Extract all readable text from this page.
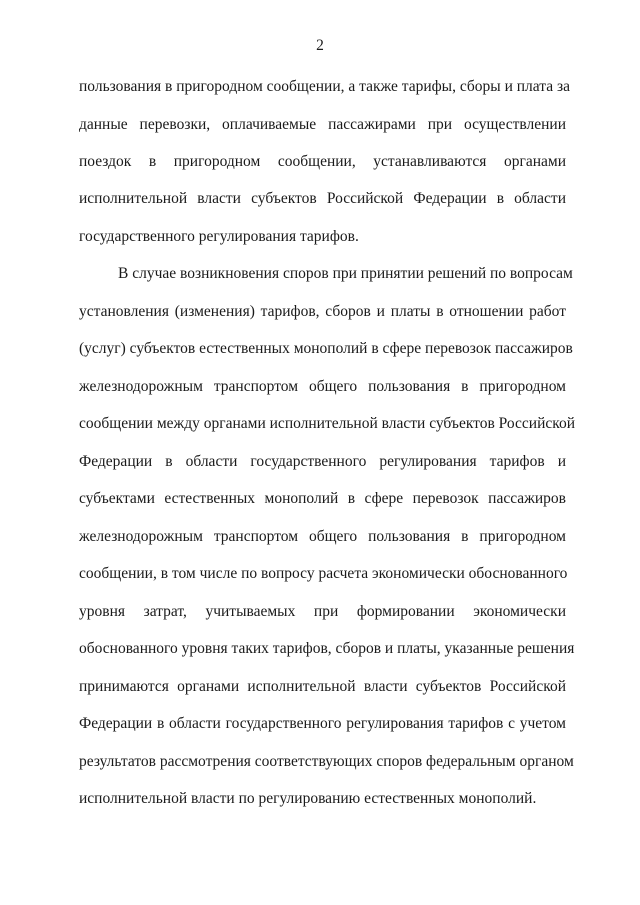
2
пользования в пригородном сообщении, а также тарифы, сборы и плата за
данные перевозки, оплачиваемые пассажирами при осуществлении
поездок в пригородном сообщении, устанавливаются органами
исполнительной власти субъектов Российской Федерации в области
государственного регулирования тарифов.
В случае возникновения споров при принятии решений по вопросам
установления (изменения) тарифов, сборов и платы в отношении работ
(услуг) субъектов естественных монополий в сфере перевозок пассажиров
железнодорожным транспортом общего пользования в пригородном
сообщении между органами исполнительной власти субъектов Российской
Федерации в области государственного регулирования тарифов и
субъектами естественных монополий в сфере перевозок пассажиров
железнодорожным транспортом общего пользования в пригородном
сообщении, в том числе по вопросу расчета экономически обоснованного
уровня затрат, учитываемых при формировании экономически
обоснованного уровня таких тарифов, сборов и платы, указанные решения
принимаются органами исполнительной власти субъектов Российской
Федерации в области государственного регулирования тарифов с учетом
результатов рассмотрения соответствующих споров федеральным органом
исполнительной власти по регулированию естественных монополий.
